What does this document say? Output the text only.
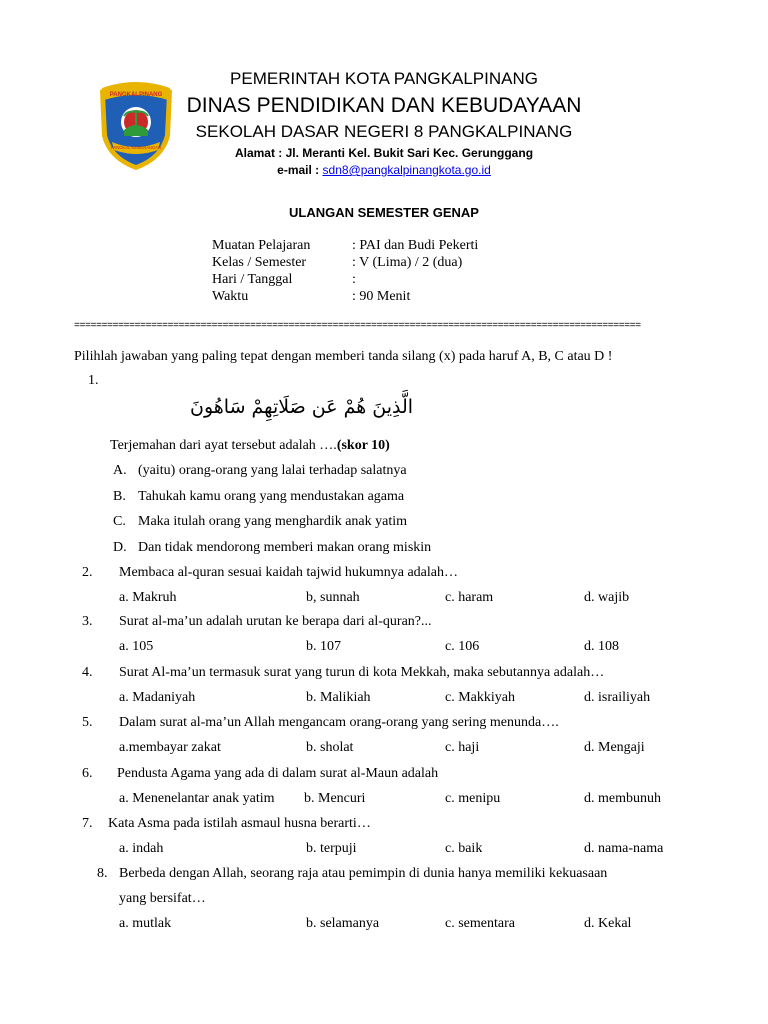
PANGKALPINANG
PANGKAL KEMENANGAN
PEMERINTAH KOTA PANGKALPINANG
DINAS PENDIDIKAN DAN KEBUDAYAAN
SEKOLAH DASAR NEGERI 8 PANGKALPINANG
Alamat : Jl. Meranti Kel. Bukit Sari Kec. Gerunggang
e-mail : sdn8@pangkalpinangkota.go.id
ULANGAN SEMESTER GENAP
Muatan Pelajaran	: PAI dan Budi Pekerti
Kelas / Semester	: V (Lima) / 2 (dua)
Hari / Tanggal	:
Waktu	: 90 Menit
=======================================================================================================
Pilihlah jawaban yang paling tepat dengan memberi tanda silang (x) pada haruf A, B, C atau D !
1.
الَّذِينَ هُمْ عَن صَلَاتِهِمْ سَاهُونَ
Terjemahan dari ayat tersebut adalah ….(skor 10)
A. (yaitu) orang-orang yang lalai terhadap salatnya
B. Tahukah kamu orang yang mendustakan agama
C. Maka itulah orang yang menghardik anak yatim
D. Dan tidak mendorong memberi makan orang miskin
2. Membaca al-quran sesuai kaidah tajwid hukumnya adalah…
a. Makruh	b, sunnah	c. haram	d. wajib
3. Surat al-ma’un adalah urutan ke berapa dari al-quran?...
a. 105	b. 107	c. 106	d. 108
4. Surat Al-ma’un termasuk surat yang turun di kota Mekkah, maka sebutannya adalah…
a. Madaniyah	b. Malikiah	c. Makkiyah	d. israiliyah
5. Dalam surat al-ma’un Allah mengancam orang-orang yang sering menunda….
a.membayar zakat	b. sholat	c. haji	d. Mengaji
6. Pendusta Agama yang ada di dalam surat al-Maun adalah
a. Menenelantar anak yatim b. Mencuri	c. menipu	d. membunuh
7. Kata Asma pada istilah asmaul husna berarti…
a. indah	b. terpuji	c. baik	d. nama-nama
8. Berbeda dengan Allah, seorang raja atau pemimpin di dunia hanya memiliki kekuasaan
yang bersifat…
a. mutlak	b. selamanya	c. sementara	d. Kekal
